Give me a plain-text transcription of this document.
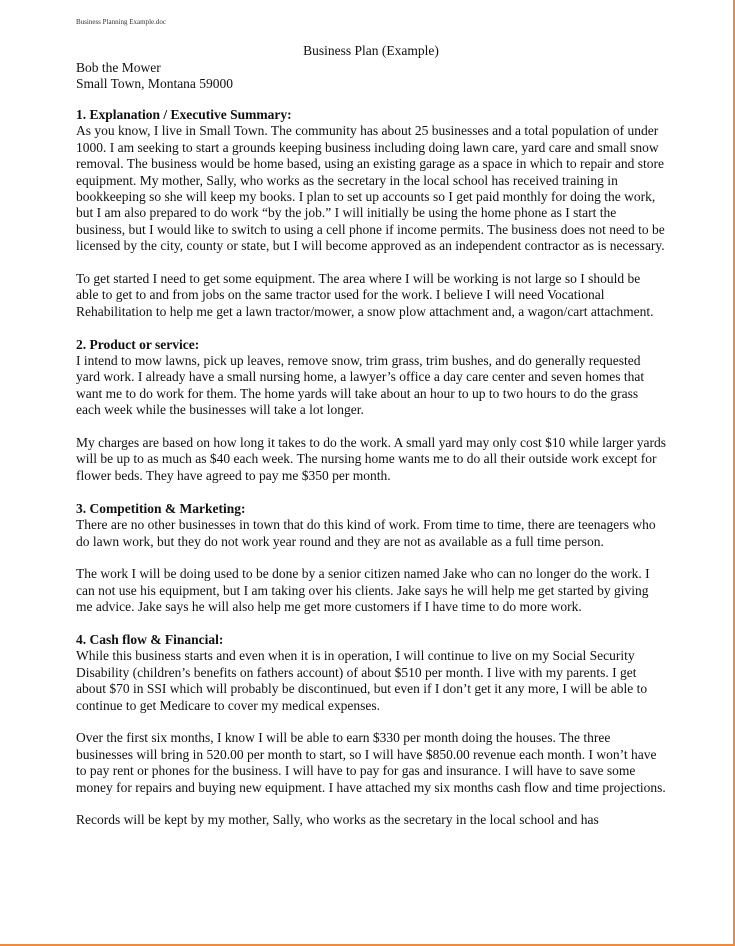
Business Planning Example.doc
Business Plan (Example)
Bob the Mower
Small Town, Montana 59000
1. Explanation / Executive Summary:

As you know, I live in Small Town. The community has about 25 businesses and a total population of under 1000. I am seeking to start a grounds keeping business including doing lawn care, yard care and small snow removal. The business would be home based, using an existing garage as a space in which to repair and store equipment. My mother, Sally, who works as the secretary in the local school has received training in bookkeeping so she will keep my books. I plan to set up accounts so I get paid monthly for doing the work, but I am also prepared to do work “by the job.” I will initially be using the home phone as I start the business, but I would like to switch to using a cell phone if income permits. The business does not need to be licensed by the city, county or state, but I will become approved as an independent contractor as is necessary.

To get started I need to get some equipment. The area where I will be working is not large so I should be able to get to and from jobs on the same tractor used for the work. I believe I will need Vocational Rehabilitation to help me get a lawn tractor/mower, a snow plow attachment and, a wagon/cart attachment.

2. Product or service:

I intend to mow lawns, pick up leaves, remove snow, trim grass, trim bushes, and do generally requested yard work. I already have a small nursing home, a lawyer’s office a day care center and seven homes that want me to do work for them. The home yards will take about an hour to up to two hours to do the grass each week while the businesses will take a lot longer.

My charges are based on how long it takes to do the work. A small yard may only cost $10 while larger yards will be up to as much as $40 each week. The nursing home wants me to do all their outside work except for flower beds. They have agreed to pay me $350 per month.

3. Competition & Marketing:

There are no other businesses in town that do this kind of work. From time to time, there are teenagers who do lawn work, but they do not work year round and they are not as available as a full time person.

The work I will be doing used to be done by a senior citizen named Jake who can no longer do the work. I can not use his equipment, but I am taking over his clients. Jake says he will help me get started by giving me advice. Jake says he will also help me get more customers if I have time to do more work.

4. Cash flow & Financial:

While this business starts and even when it is in operation, I will continue to live on my Social Security Disability (children’s benefits on fathers account) of about $510 per month. I live with my parents. I get about $70 in SSI which will probably be discontinued, but even if I don’t get it any more, I will be able to continue to get Medicare to cover my medical expenses.

Over the first six months, I know I will be able to earn $330 per month doing the houses. The three businesses will bring in 520.00 per month to start, so I will have $850.00 revenue each month. I won’t have to pay rent or phones for the business. I will have to pay for gas and insurance. I will have to save some money for repairs and buying new equipment. I have attached my six months cash flow and time projections.

Records will be kept by my mother, Sally, who works as the secretary in the local school and has
